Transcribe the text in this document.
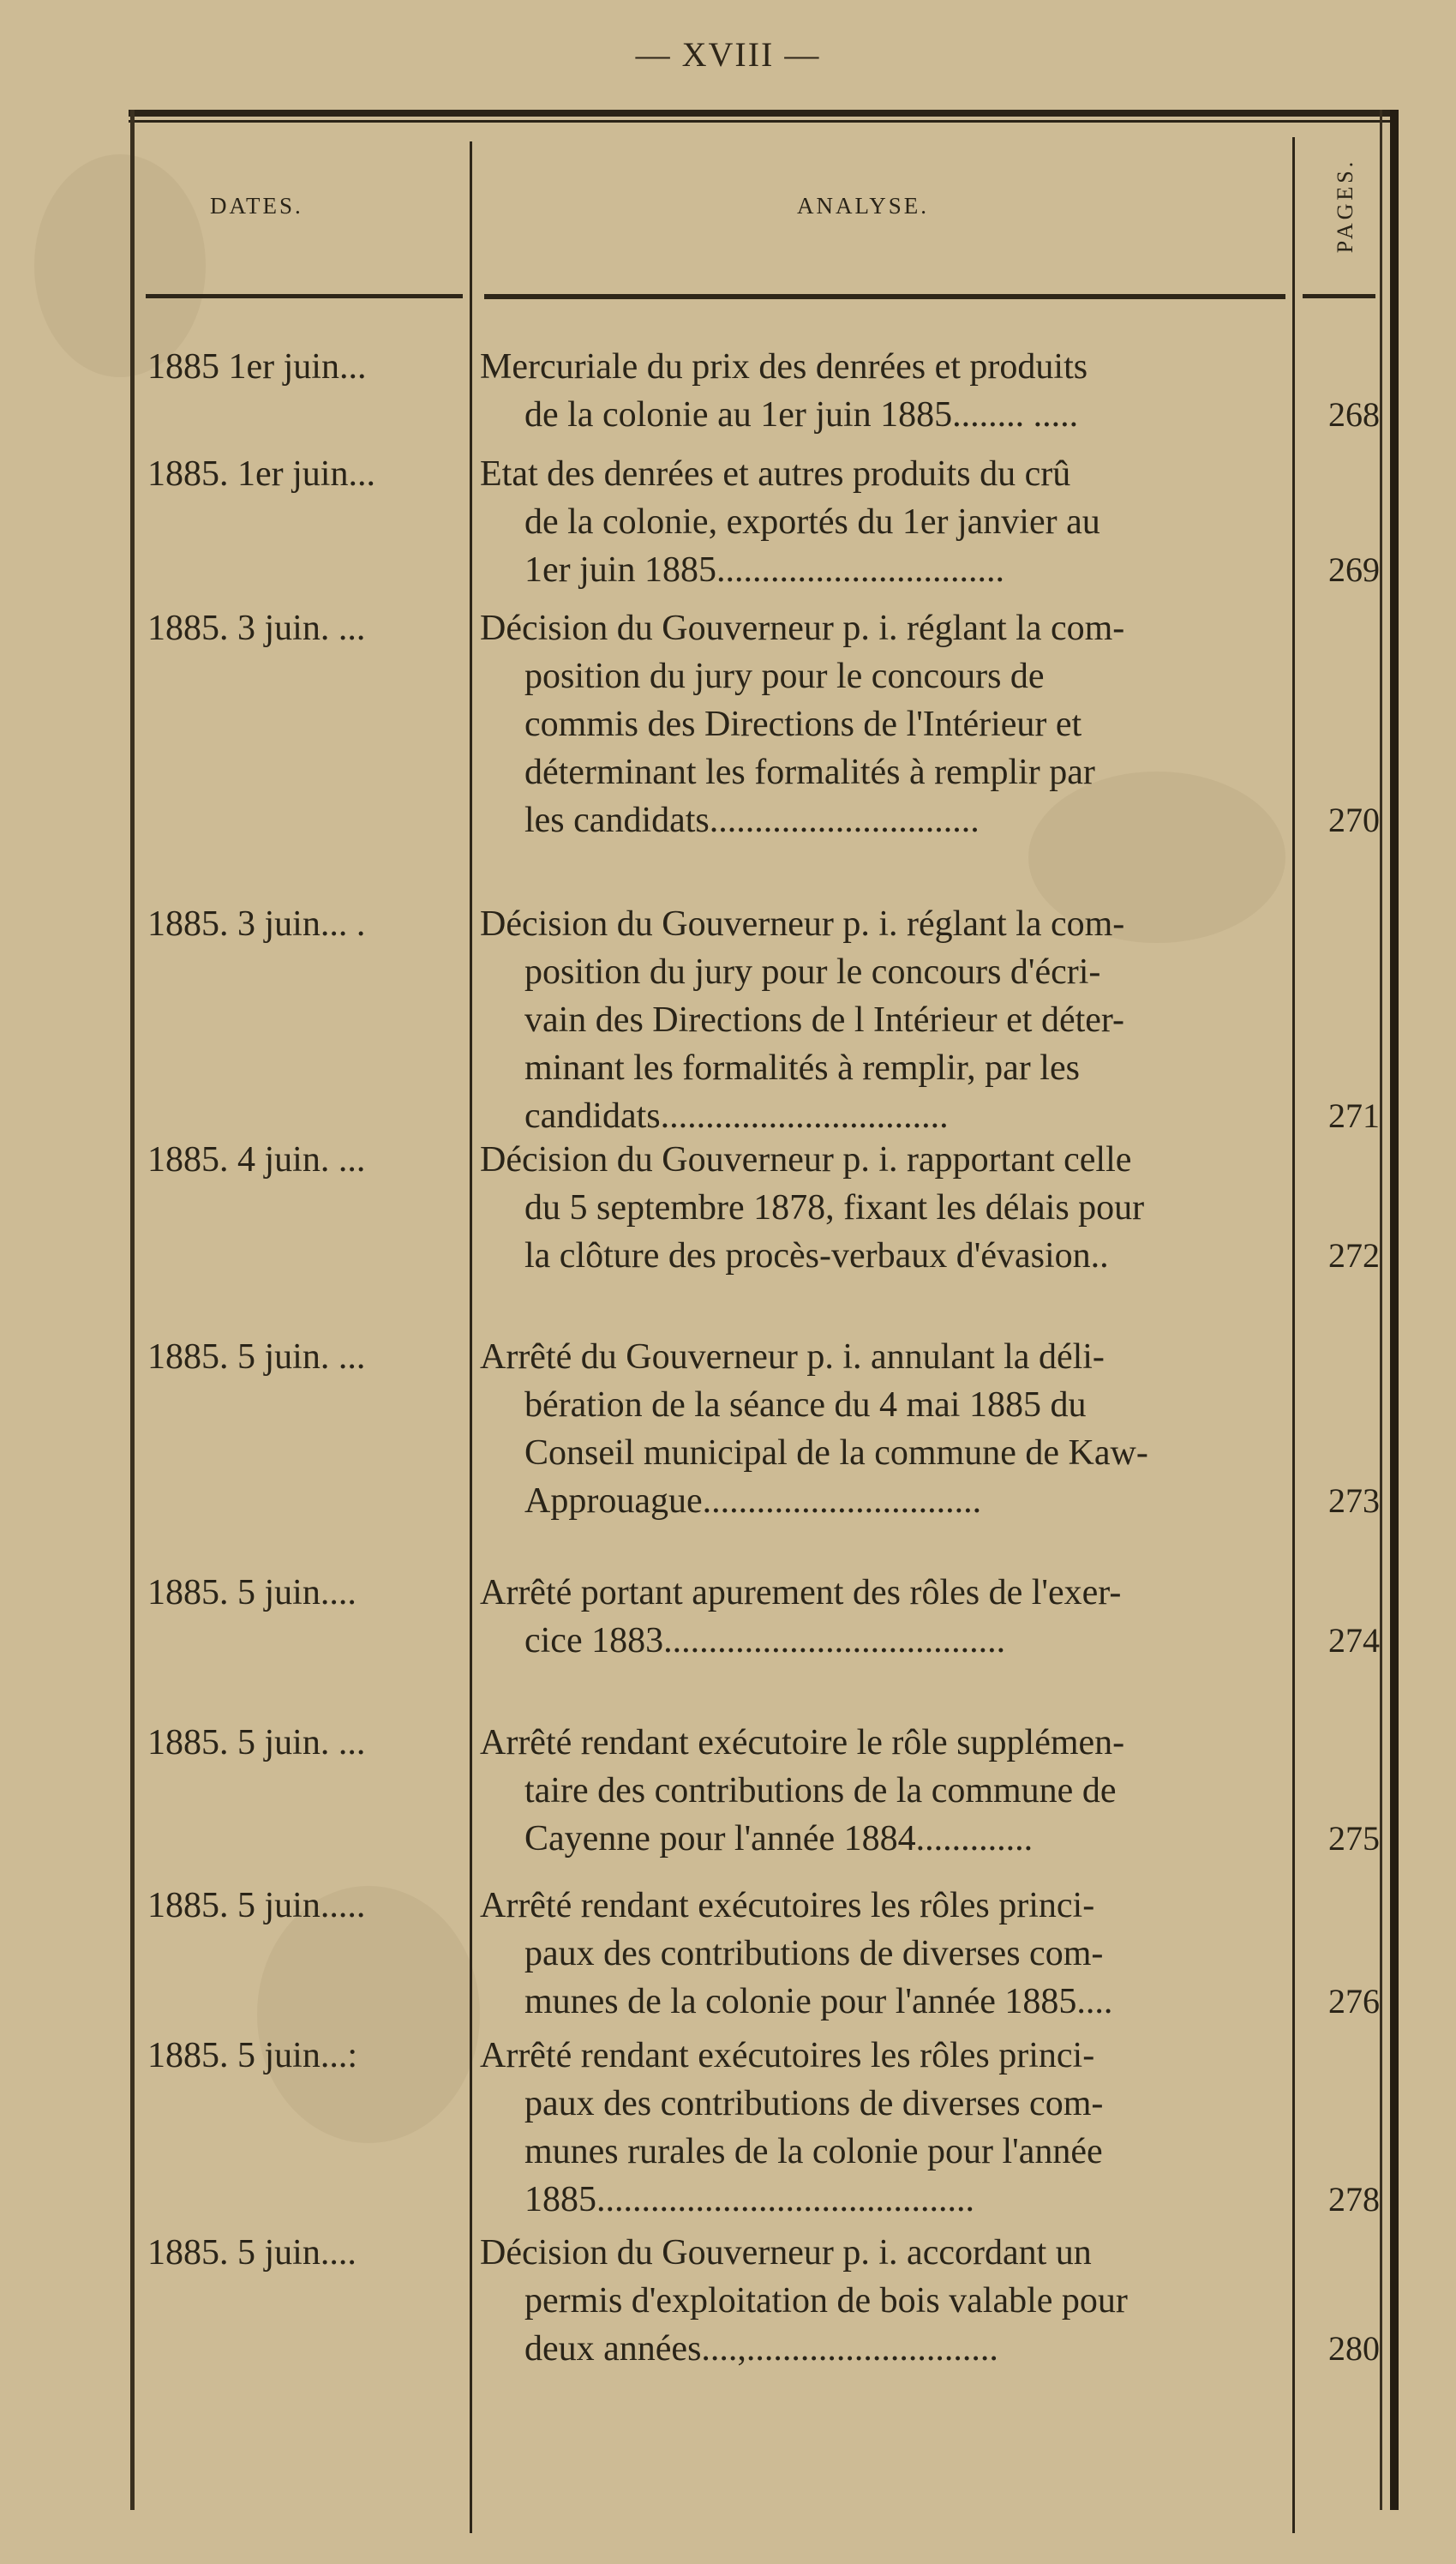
— XVIII —
DATES.	ANALYSE.	PAGES.
1885 1er juin...	Mercuriale du prix des denrées et produits
de la colonie au 1er juin 1885........ .....	268
1885. 1er juin...	Etat des denrées et autres produits du crû
de la colonie, exportés du 1er janvier au
1er juin 1885................................	269
1885. 3 juin. ...	Décision du Gouverneur p. i. réglant la com-
position du jury pour le concours de
commis des Directions de l'Intérieur et
déterminant les formalités à remplir par
les candidats..............................	270
1885. 3 juin... .	Décision du Gouverneur p. i. réglant la com-
position du jury pour le concours d'écri-
vain des Directions de l Intérieur et déter-
minant les formalités à remplir, par les
candidats................................	271
1885. 4 juin. ...	Décision du Gouverneur p. i. rapportant celle
du 5 septembre 1878, fixant les délais pour
la clôture des procès-verbaux d'évasion..	272
1885. 5 juin. ...	Arrêté du Gouverneur p. i. annulant la déli-
bération de la séance du 4 mai 1885 du
Conseil municipal de la commune de Kaw-
Approuague...............................	273
1885. 5 juin....	Arrêté portant apurement des rôles de l'exer-
cice 1883......................................	274
1885. 5 juin. ...	Arrêté rendant exécutoire le rôle supplémen-
taire des contributions de la commune de
Cayenne pour l'année 1884.............	275
1885. 5 juin.....	Arrêté rendant exécutoires les rôles princi-
paux des contributions de diverses com-
munes de la colonie pour l'année 1885....	276
1885. 5 juin...:	Arrêté rendant exécutoires les rôles princi-
paux des contributions de diverses com-
munes rurales de la colonie pour l'année
1885..........................................	278
1885. 5 juin....	Décision du Gouverneur p. i. accordant un
permis d'exploitation de bois valable pour
deux années....,............................	280
